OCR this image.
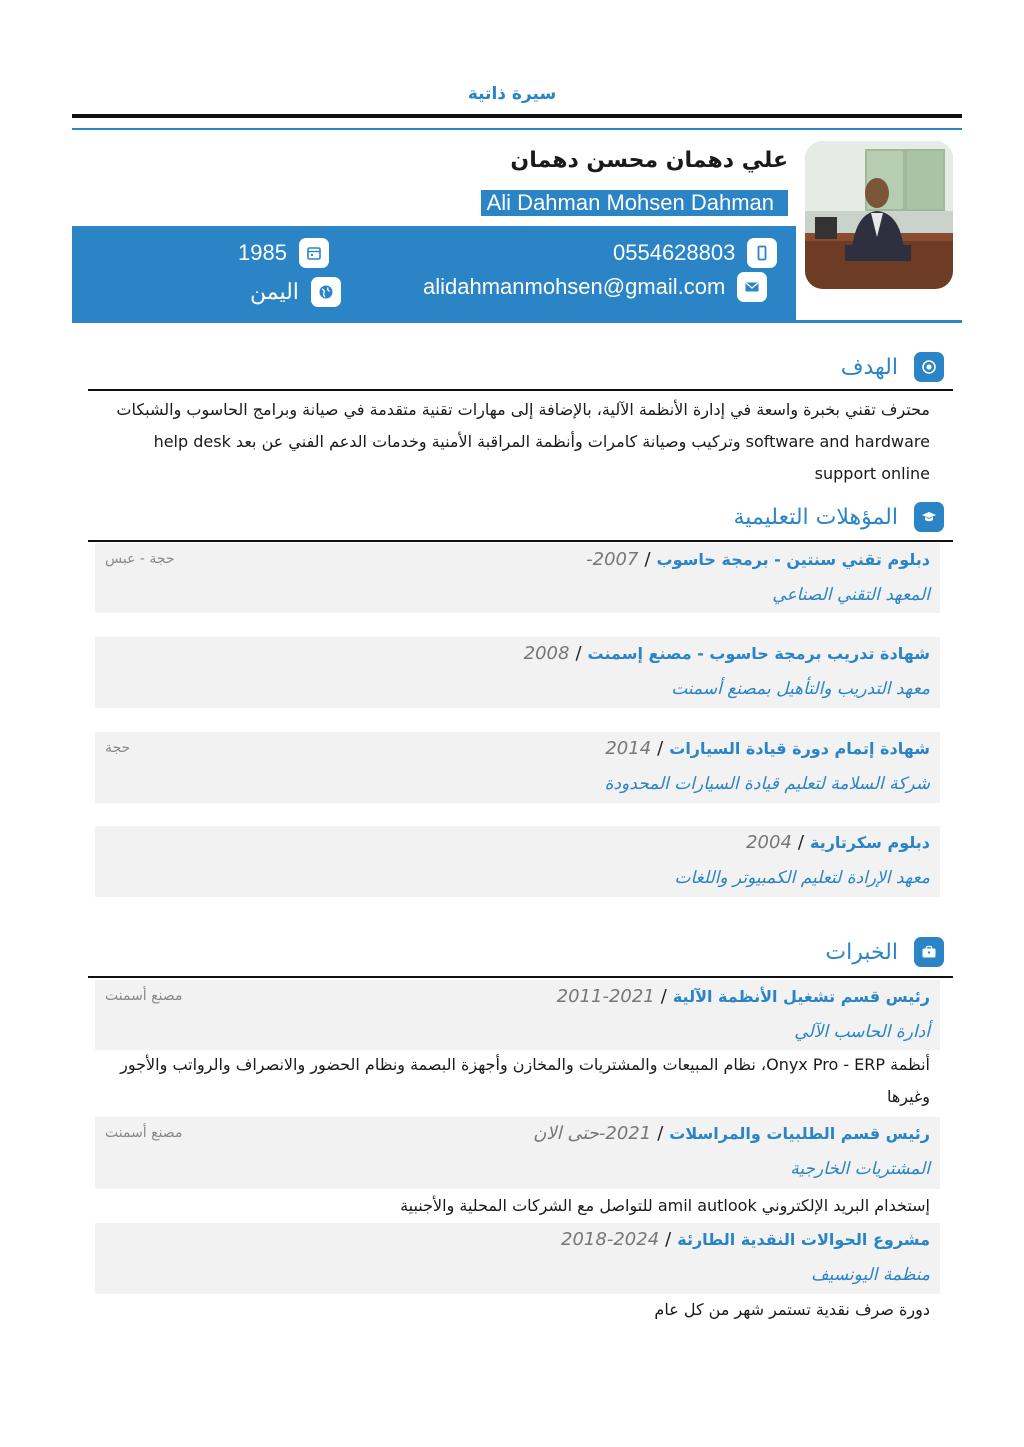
سيرة ذاتية
علي دهمان محسن دهمان
Ali Dahman Mohsen Dahman
0554628803
alidahmanmohsen@gmail.com
1985
اليمن
الهدف
محترف تقني بخبرة واسعة في إدارة الأنظمة الآلية، بالإضافة إلى مهارات تقنية متقدمة في صيانة وبرامج الحاسوب والشبكات software and hardware وتركيب وصيانة كامرات وأنظمة المراقبة الأمنية وخدمات الدعم الفني عن بعد help desk support online
المؤهلات التعليمية
دبلوم تقني سنتين - برمجة حاسوب
/
2007-
حجة - عبس
المعهد التقني الصناعي
شهادة تدريب برمجة حاسوب - مصنع إسمنت
/
2008
معهد التدريب والتأهيل بمصنع أسمنت
شهادة إتمام دورة قيادة السيارات
/
2014
حجة
شركة السلامة لتعليم قيادة السيارات المحدودة
دبلوم سكرتارية
/
2004
معهد الإرادة لتعليم الكمبيوتر واللغات
الخبرات
رئيس قسم تشغيل الأنظمة الآلية
/
2011-2021
مصنع أسمنت
أدارة الحاسب الآلي
أنظمة Onyx Pro - ERP، نظام المبيعات والمشتريات والمخازن وأجهزة البصمة ونظام الحضور والانصراف والرواتب والأجور وغيرها
رئيس قسم الطلبيات والمراسلات
/
2021-حتى الان
مصنع أسمنت
المشتريات الخارجية
إستخدام البريد الإلكتروني amil autlook للتواصل مع الشركات المحلية والأجنبية
مشروع الحوالات النقدية الطارئة
/
2018-2024
منظمة اليونسيف
دورة صرف نقدية تستمر شهر من كل عام
